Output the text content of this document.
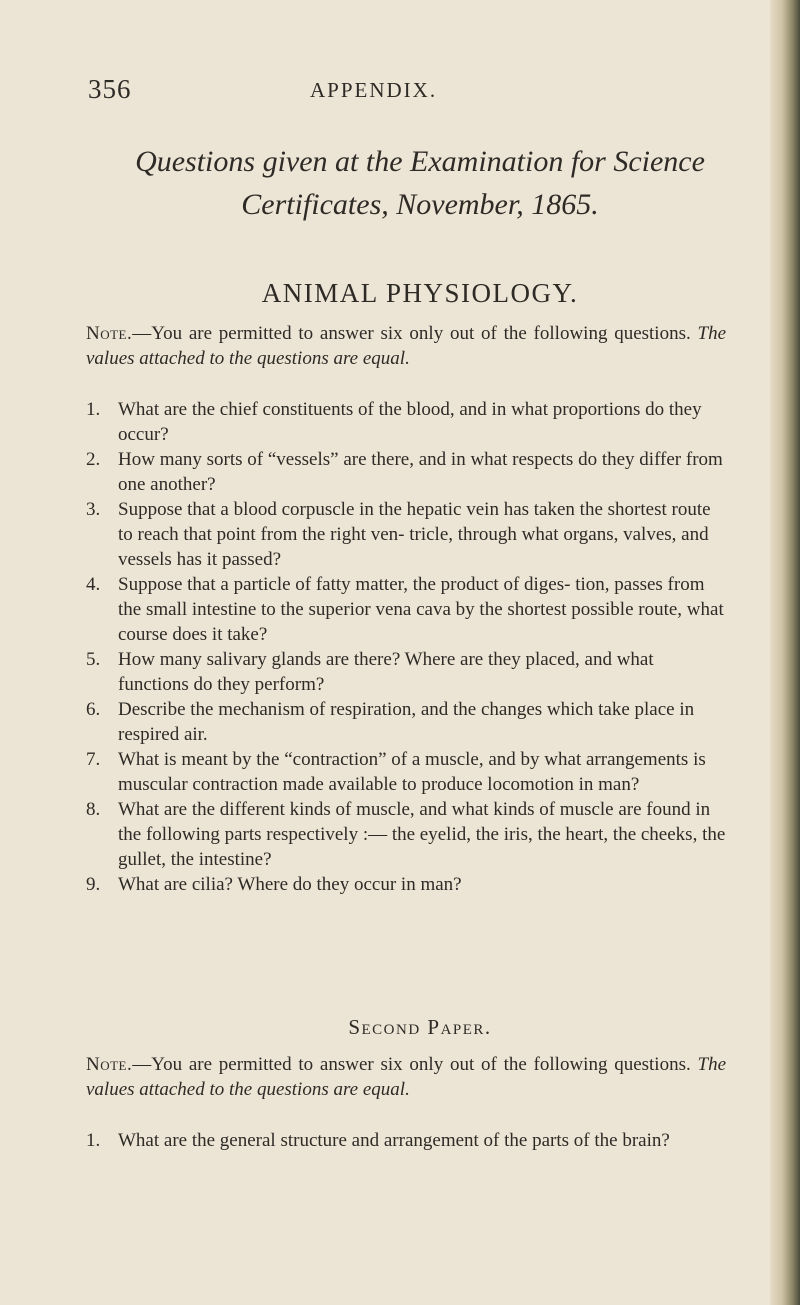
356	APPENDIX.
Questions given at the Examination for Science
Certificates, November, 1865.
ANIMAL PHYSIOLOGY.

Note.—You are permitted to answer six only out of the following questions. The values attached to the questions are equal.

1. What are the chief constituents of the blood, and in what proportions do they occur?
2. How many sorts of “vessels” are there, and in what respects do they differ from one another?
3. Suppose that a blood corpuscle in the hepatic vein has taken the shortest route to reach that point from the right ven- tricle, through what organs, valves, and vessels has it passed?
4. Suppose that a particle of fatty matter, the product of diges- tion, passes from the small intestine to the superior vena cava by the shortest possible route, what course does it take?
5. How many salivary glands are there? Where are they placed, and what functions do they perform?
6. Describe the mechanism of respiration, and the changes which take place in respired air.
7. What is meant by the “contraction” of a muscle, and by what arrangements is muscular contraction made available to produce locomotion in man?
8. What are the different kinds of muscle, and what kinds of muscle are found in the following parts respectively :— the eyelid, the iris, the heart, the cheeks, the gullet, the intestine?
9. What are cilia? Where do they occur in man?
Second Paper.

Note.—You are permitted to answer six only out of the following questions. The values attached to the questions are equal.

1. What are the general structure and arrangement of the parts of the brain?
